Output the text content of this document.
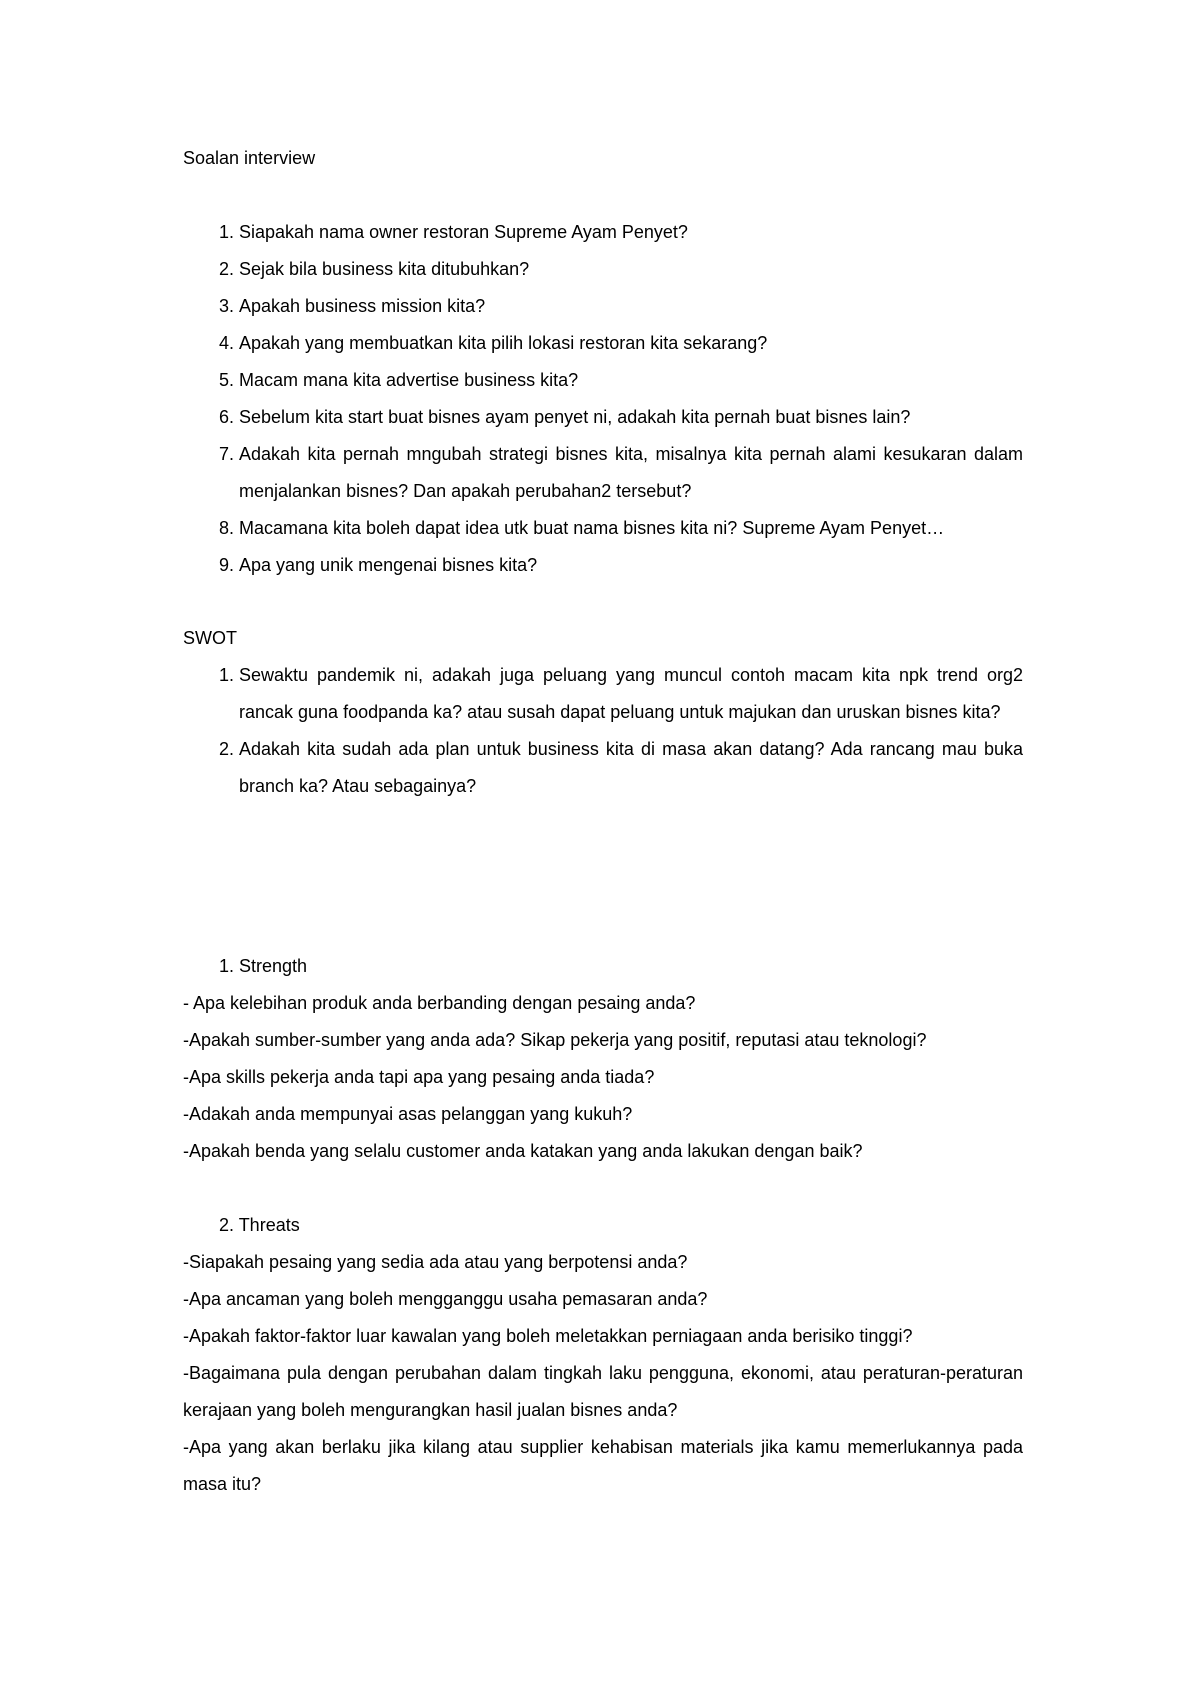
Soalan interview
1. Siapakah nama owner restoran Supreme Ayam Penyet?
2. Sejak bila business kita ditubuhkan?
3. Apakah business mission kita?
4. Apakah yang membuatkan kita pilih lokasi restoran kita sekarang?
5. Macam mana kita advertise business kita?
6. Sebelum kita start buat bisnes ayam penyet ni, adakah kita pernah buat bisnes lain?
7. Adakah kita pernah mngubah strategi bisnes kita, misalnya kita pernah alami kesukaran dalam menjalankan bisnes? Dan apakah perubahan2 tersebut?
8. Macamana kita boleh dapat idea utk buat nama bisnes kita ni? Supreme Ayam Penyet…
9. Apa yang unik mengenai bisnes kita?
SWOT
1. Sewaktu pandemik ni, adakah juga peluang yang muncul contoh macam kita npk trend org2 rancak guna foodpanda ka? atau susah dapat peluang untuk majukan dan uruskan bisnes kita?
2. Adakah kita sudah ada plan untuk business kita di masa akan datang? Ada rancang mau buka branch ka? Atau sebagainya?
1. Strength
- Apa kelebihan produk anda berbanding dengan pesaing anda?
-Apakah sumber-sumber yang anda ada? Sikap pekerja yang positif, reputasi atau teknologi?
-Apa skills pekerja anda tapi apa yang pesaing anda tiada?
-Adakah anda mempunyai asas pelanggan yang kukuh?
-Apakah benda yang selalu customer anda katakan yang anda lakukan dengan baik?
2. Threats
-Siapakah pesaing yang sedia ada atau yang berpotensi anda?
-Apa ancaman yang boleh mengganggu usaha pemasaran anda?
-Apakah faktor-faktor luar kawalan yang boleh meletakkan perniagaan anda berisiko tinggi?
-Bagaimana pula dengan perubahan dalam tingkah laku pengguna, ekonomi, atau peraturan-peraturan kerajaan yang boleh mengurangkan hasil jualan bisnes anda?
-Apa yang akan berlaku jika kilang atau supplier kehabisan materials jika kamu memerlukannya pada masa itu?
